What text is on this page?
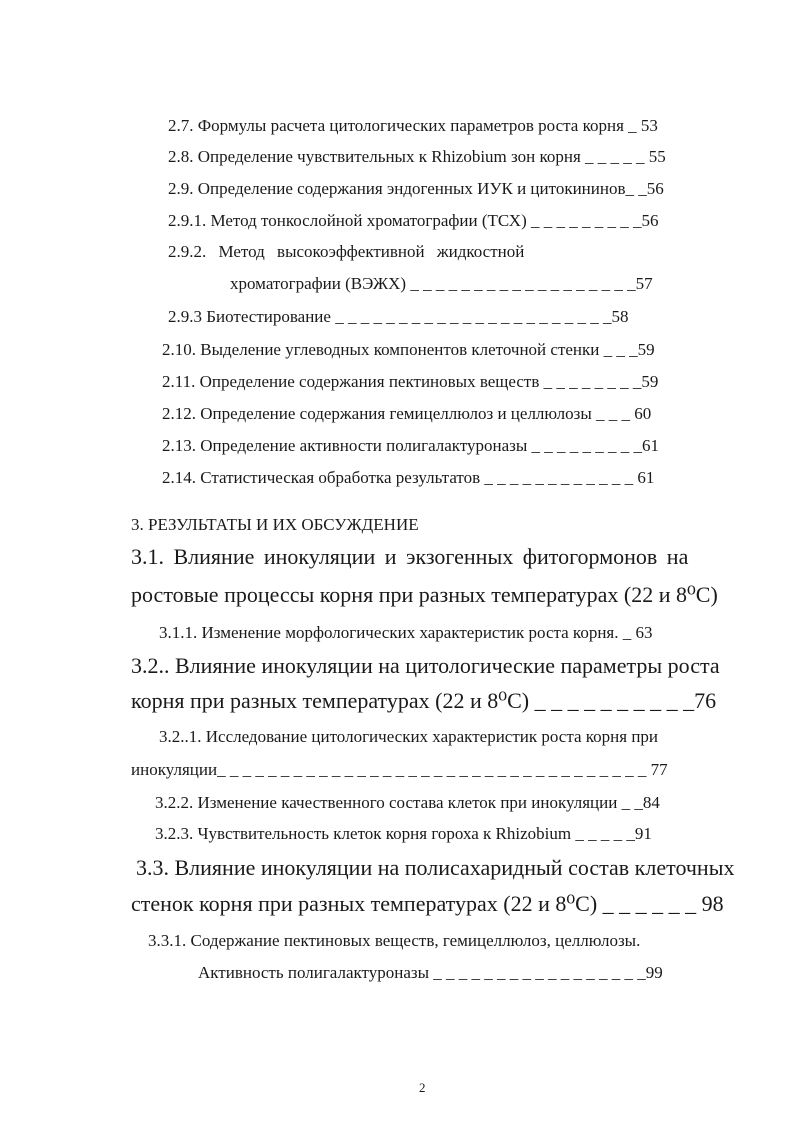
2.7. Формулы расчета цитологических параметров роста корня _ 53
2.8. Определение чувствительных к Rhizobium зон корня _ _ _ _ _ 55
2.9. Определение содержания эндогенных ИУК и цитокининов_ _56
2.9.1. Метод тонкослойной хроматографии (ТСХ) _ _ _ _ _ _ _ _ _56
2.9.2. Метод высокоэффективной жидкостной
хроматографии (ВЭЖХ) _ _ _ _ _ _ _ _ _ _ _ _ _ _ _ _ _ _57
2.9.3 Биотестирование _ _ _ _ _ _ _ _ _ _ _ _ _ _ _ _ _ _ _ _ _ _58
2.10. Выделение углеводных компонентов клеточной стенки _ _ _59
2.11. Определение содержания пектиновых веществ _ _ _ _ _ _ _ _59
2.12. Определение содержания гемицеллюлоз и целлюлозы _ _ _ 60
2.13. Определение активности полигалактуроназы _ _ _ _ _ _ _ _ _61
2.14. Статистическая обработка результатов _ _ _ _ _ _ _ _ _ _ _ _ 61
3. РЕЗУЛЬТАТЫ И ИХ ОБСУЖДЕНИЕ
3.1. Влияние инокуляции и экзогенных фитогормонов на
ростовые процессы корня при разных температурах (22 и 8⁰С)
3.1.1. Изменение морфологических характеристик роста корня. _ 63
3.2.. Влияние инокуляции на цитологические параметры роста
корня при разных температурах (22 и 8⁰С) _ _ _ _ _ _ _ _ _ _76
3.2..1. Исследование цитологических характеристик роста корня при
инокуляции_ _ _ _ _ _ _ _ _ _ _ _ _ _ _ _ _ _ _ _ _ _ _ _ _ _ _ _ _ _ _ _ _ _ 77
3.2.2. Изменение качественного состава клеток при инокуляции _ _84
3.2.3. Чувствительность клеток корня гороха к Rhizobium _ _ _ _ _91
3.3. Влияние инокуляции на полисахаридный состав клеточных
стенок корня при разных температурах (22 и 8⁰С) _ _ _ _ _ _ 98
3.3.1. Содержание пектиновых веществ, гемицеллюлоз, целлюлозы.
Активность полигалактуроназы _ _ _ _ _ _ _ _ _ _ _ _ _ _ _ _ _99
2
